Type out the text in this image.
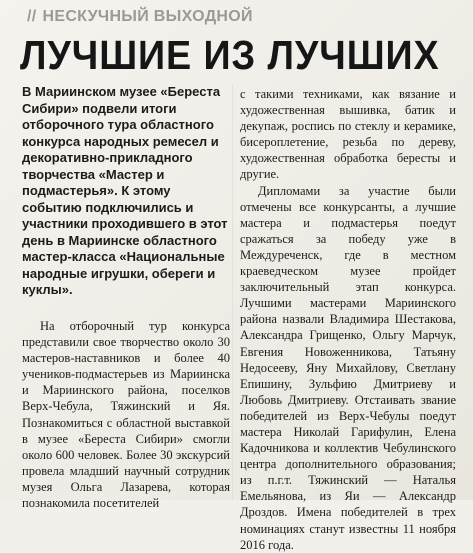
// НЕСКУЧНЫЙ ВЫХОДНОЙ
ЛУЧШИЕ ИЗ ЛУЧШИХ

В Мариинском музее «Береста Сибири» подвели итоги отборочного тура областного конкурса народных ремесел и декоративно-прикладного творчества «Мастер и подмастерья». К этому событию подключились и участники проходившего в этот день в Мариинске областного мастер-класса «Национальные народные игрушки, обереги и куклы».

На отборочный тур конкурса представили свое творчество около 30 мастеров-наставников и более 40 учеников-подмастерьев из Мариинска и Мариинского района, поселков Верх-Чебула, Тяжинский и Яя. Познакомиться с областной выставкой в музее «Береста Сибири» смогли около 600 человек. Более 30 экскурсий провела младший научный сотрудник музея Ольга Лазарева, которая познакомила посетителей

с такими техниками, как вязание и художественная вышивка, батик и декупаж, роспись по стеклу и керамике, бисероплетение, резьба по дереву, художественная обработка бересты и другие.

Дипломами за участие были отмечены все конкурсанты, а лучшие мастера и подмастерья поедут сражаться за победу уже в Междуреченск, где в местном краеведческом музее пройдет заключительный этап конкурса. Лучшими мастерами Мариинского района назвали Владимира Шестакова, Александра Грищенко, Ольгу Марчук, Евгения Новоженникова, Татьяну Недосееву, Яну Михайлову, Светлану Епишину, Зульфию Дмитриеву и Любовь Дмитриеву. Отстаивать звание победителей из Верх-Чебулы поедут мастера Николай Гарифулин, Елена Кадочникова и коллектив Чебулинского центра дополнительного образования; из п.г.т. Тяжинский — Наталья Емельянова, из Яи — Александр Дроздов. Имена победителей в трех номинациях станут известны 11 ноября 2016 года.
